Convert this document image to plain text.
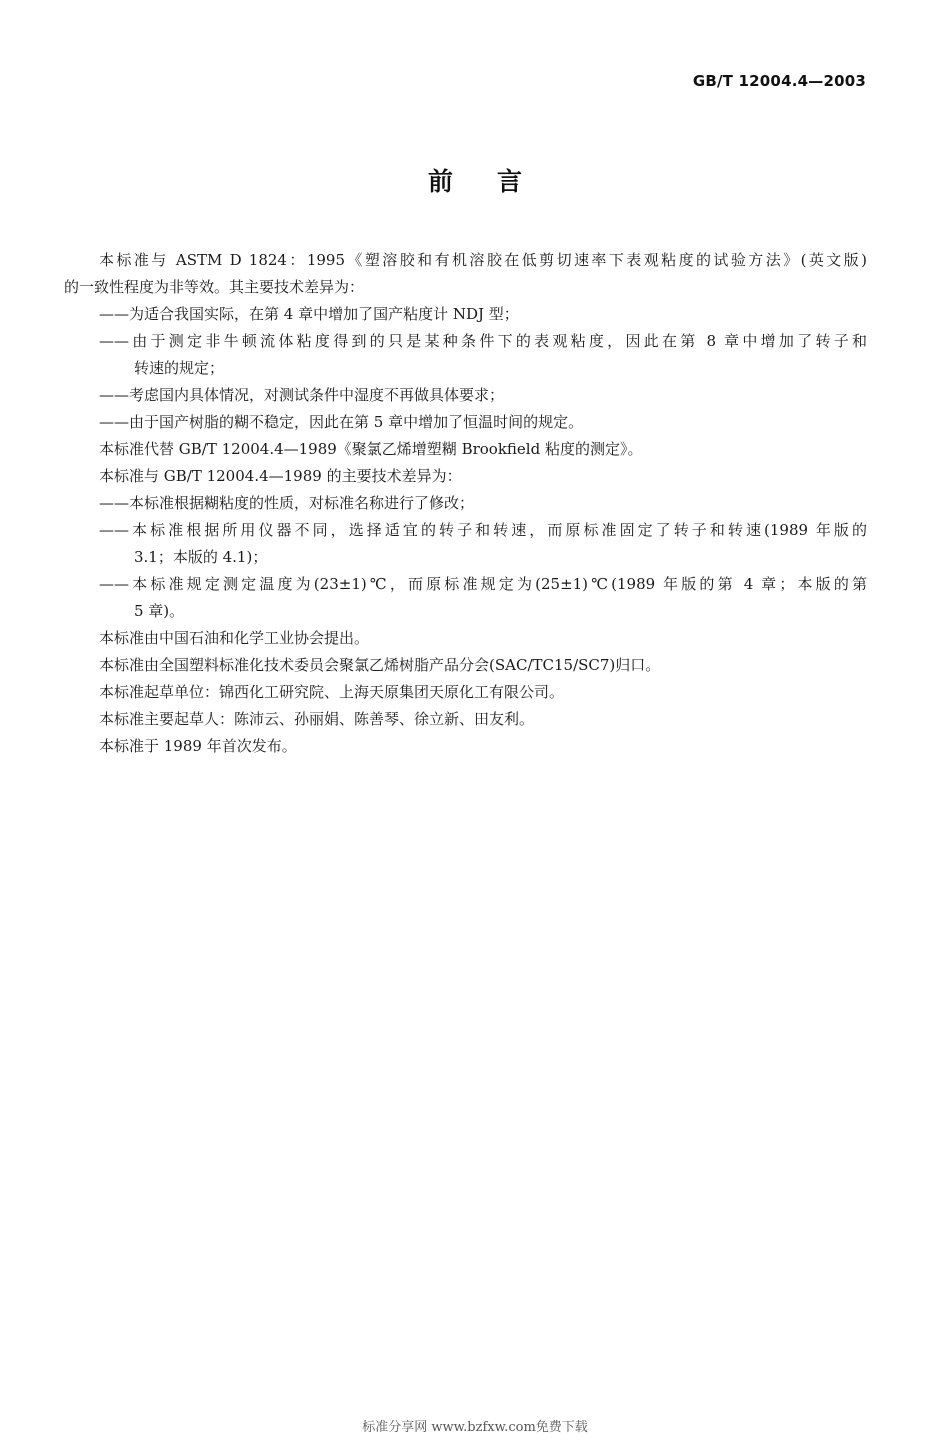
GB/T 12004.4—2003
前言

本标准与 ASTM D 1824：1995《塑溶胶和有机溶胶在低剪切速率下表观粘度的试验方法》(英文版)

的一致性程度为非等效。其主要技术差异为：

——为适合我国实际，在第 4 章中增加了国产粘度计 NDJ 型；

——由于测定非牛顿流体粘度得到的只是某种条件下的表观粘度，因此在第 8 章中增加了转子和

转速的规定；

——考虑国内具体情况，对测试条件中湿度不再做具体要求；

——由于国产树脂的糊不稳定，因此在第 5 章中增加了恒温时间的规定。

本标准代替 GB/T 12004.4—1989《聚氯乙烯增塑糊 Brookfield 粘度的测定》。

本标准与 GB/T 12004.4—1989 的主要技术差异为：

——本标准根据糊粘度的性质，对标准名称进行了修改；

——本标准根据所用仪器不同，选择适宜的转子和转速，而原标准固定了转子和转速(1989 年版的

3.1；本版的 4.1)；

——本标准规定测定温度为(23±1)℃，而原标准规定为(25±1)℃(1989 年版的第 4 章；本版的第

5 章)。

本标准由中国石油和化学工业协会提出。

本标准由全国塑料标准化技术委员会聚氯乙烯树脂产品分会(SAC/TC15/SC7)归口。

本标准起草单位：锦西化工研究院、上海天原集团天原化工有限公司。

本标准主要起草人：陈沛云、孙丽娟、陈善琴、徐立新、田友利。

本标准于 1989 年首次发布。

标准分享网 www.bzfxw.com免费下载
